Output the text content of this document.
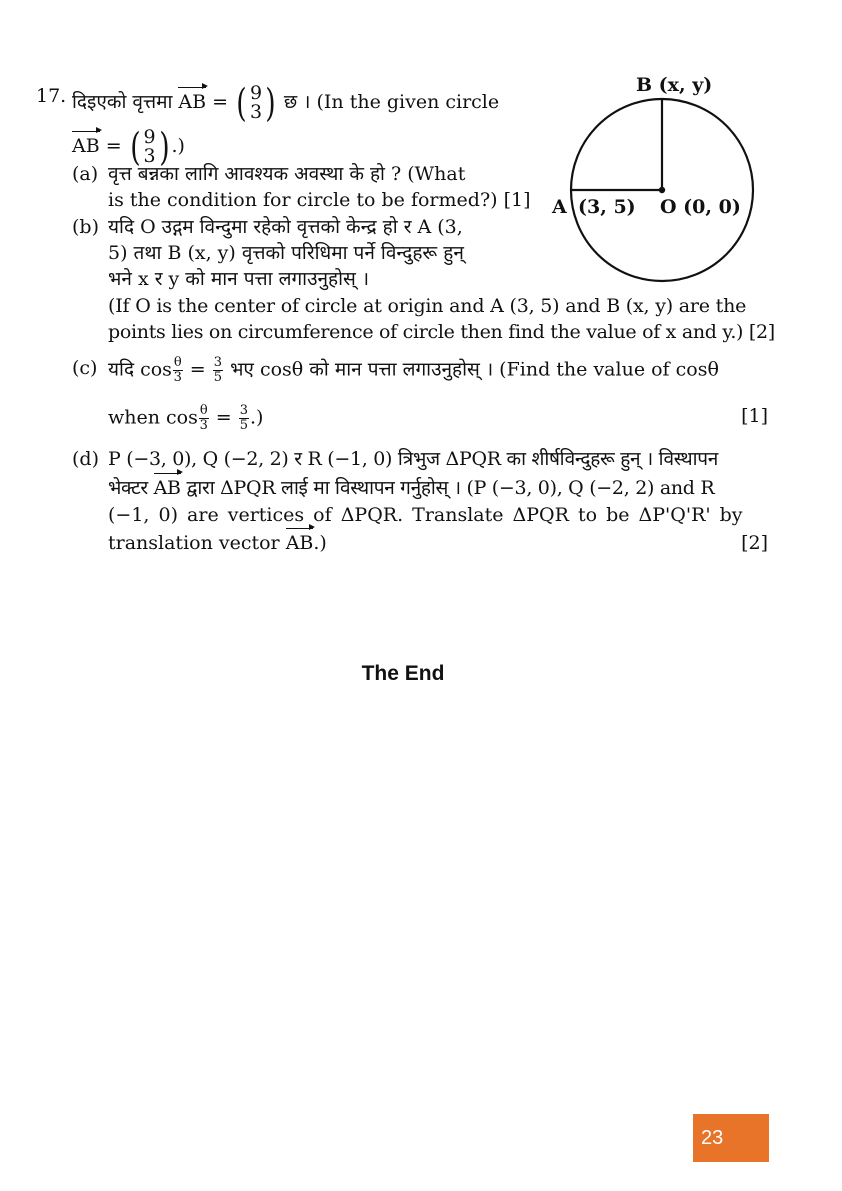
17. दिइएको वृत्तमा AB = ( 9
3 ) छ । (In the given circle
AB = ( 9
3 ) .)
(a) वृत्त बन्नका लागि आवश्यक अवस्था के हो ? (What
is the condition for circle to be formed?) [1]
(b) यदि O उद्गम विन्दुमा रहेको वृत्तको केन्द्र हो र A (3,
5) तथा B (x, y) वृत्तको परिधिमा पर्ने विन्दुहरू हुन्
भने x र y को मान पत्ता लगाउनुहोस् ।
(If O is the center of circle at origin and A (3, 5) and B (x, y) are the
points lies on circumference of circle then find the value of x and y.) [2]
(c) यदि $\cos \frac{\theta}{3} = \frac{3}{5}$ भए cosθ को मान पत्ता लगाउनुहोस् । (Find the value of cosθ
when $\cos \frac{\theta}{3} = \frac{3}{5}$ .)	[1]
(d) P (−3, 0), Q (−2, 2) र R (−1, 0) त्रिभुज ΔPQR का शीर्षविन्दुहरू हुन् । विस्थापन
भेक्टर AB द्वारा ΔPQR लाई मा विस्थापन गर्नुहोस् । (P (−3, 0), Q (−2, 2) and R
(−1, 0) are vertices of ΔPQR. Translate ΔPQR to be ΔP'Q'R' by
translation vector AB.)	[2]
B (x, y)
A (3, 5) O (0, 0)
The End
23
